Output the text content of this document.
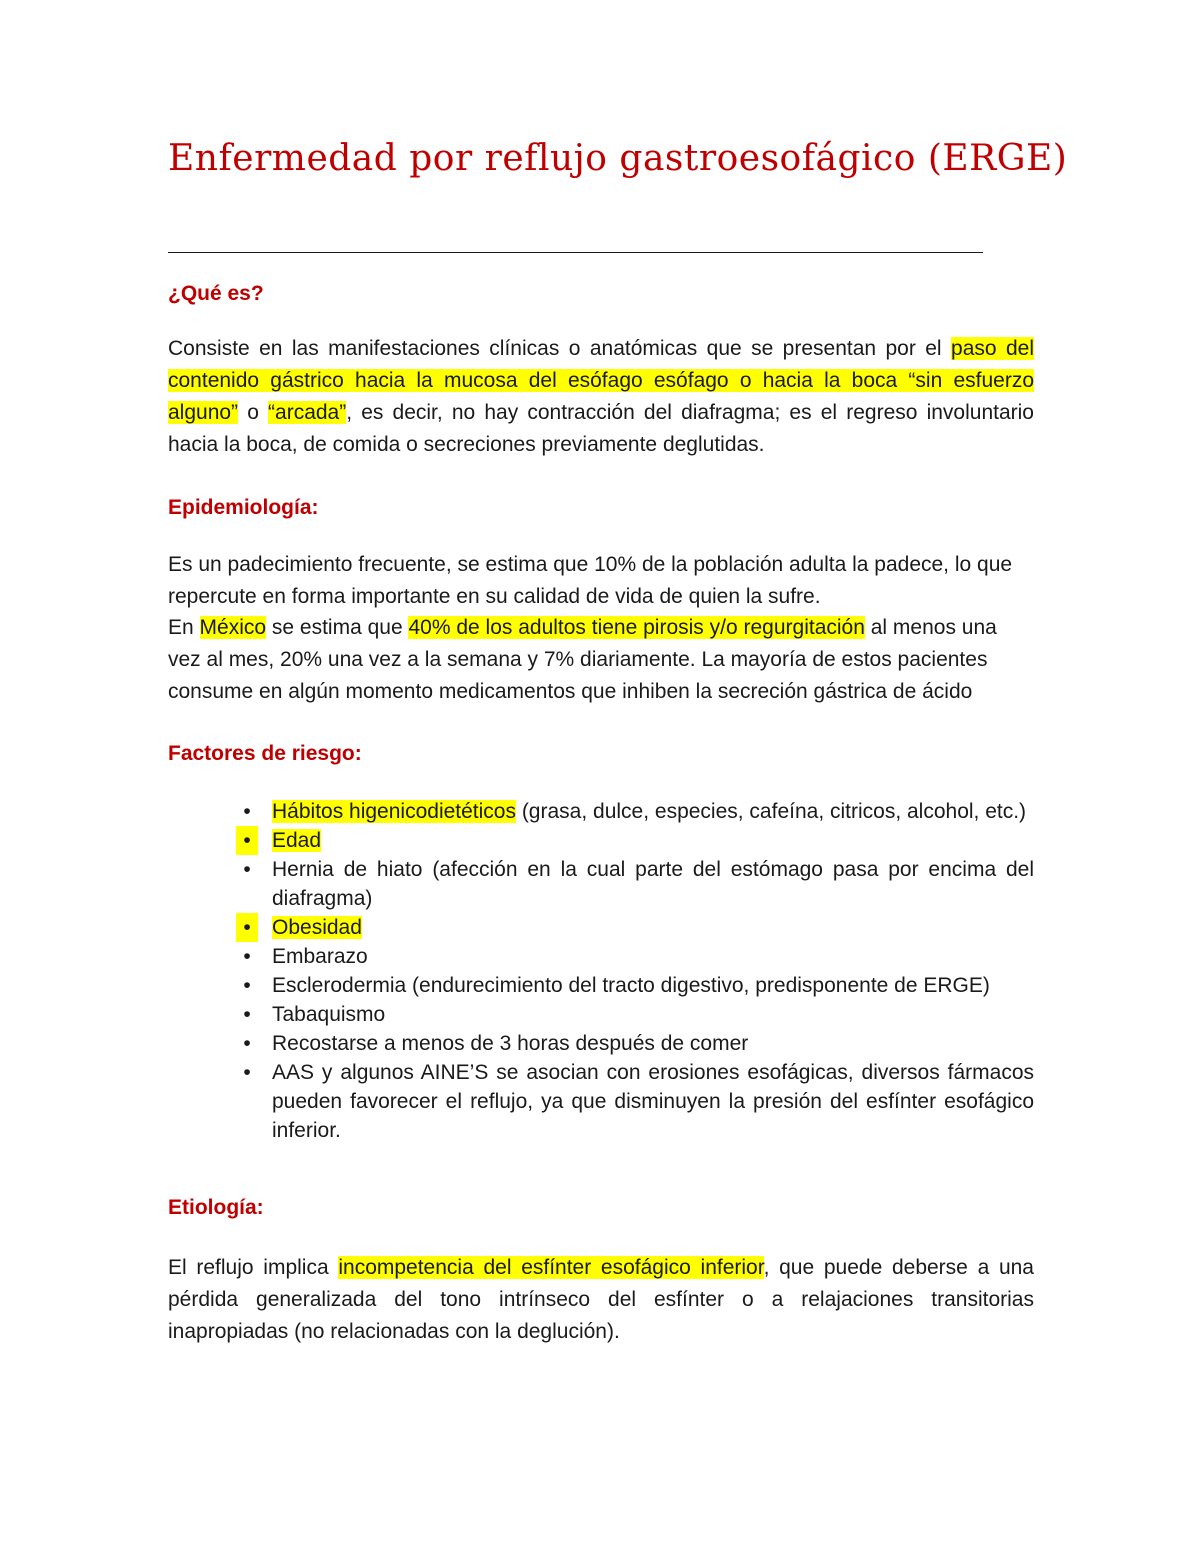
Enfermedad por reflujo gastroesofágico (ERGE)
¿Qué es?

Consiste en las manifestaciones clínicas o anatómicas que se presentan por el paso del contenido gástrico hacia la mucosa del esófago esófago o hacia la boca “sin esfuerzo alguno” o “arcada”, es decir, no hay contracción del diafragma; es el regreso involuntario hacia la boca, de comida o secreciones previamente deglutidas.

Epidemiología:

Es un padecimiento frecuente, se estima que 10% de la población adulta la padece, lo que repercute en forma importante en su calidad de vida de quien la sufre.

En México se estima que 40% de los adultos tiene pirosis y/o regurgitación al menos una vez al mes, 20% una vez a la semana y 7% diariamente. La mayoría de estos pacientes consume en algún momento medicamentos que inhiben la secreción gástrica de ácido

Factores de riesgo:
•	Hábitos higenicodietéticos (grasa, dulce, especies, cafeína, citricos, alcohol, etc.)
•	Edad
•	Hernia de hiato (afección en la cual parte del estómago pasa por encima del diafragma)
•	Obesidad
•	Embarazo
•	Esclerodermia (endurecimiento del tracto digestivo, predisponente de ERGE)
•	Tabaquismo
•	Recostarse a menos de 3 horas después de comer
•	AAS y algunos AINE’S se asocian con erosiones esofágicas, diversos fármacos pueden favorecer el reflujo, ya que disminuyen la presión del esfínter esofágico inferior.
Etiología:

El reflujo implica incompetencia del esfínter esofágico inferior, que puede deberse a una pérdida generalizada del tono intrínseco del esfínter o a relajaciones transitorias inapropiadas (no relacionadas con la deglución).
